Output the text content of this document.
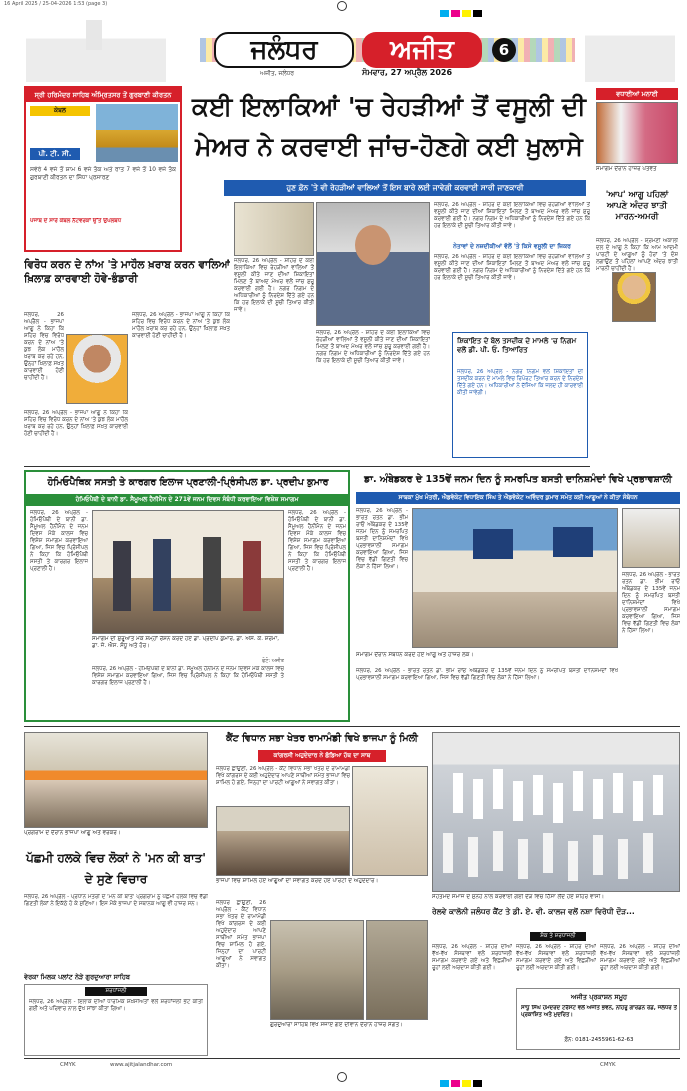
16 April 2025 / 25-04-2026 1:53 (page 3)
ਜਲੰਧਰ	ਅਜੀਤ	6
ਅਜੀਤ, ਜਲੰਧਰ	ਸੋਮਵਾਰ, 27 ਅਪ੍ਰੈਲ 2026
ਸ੍ਰੀ ਹਰਿਮੰਦਰ ਸਾਹਿਬ ਅੰਮ੍ਰਿਤਸਰ ਤੋਂ ਗੁਰਬਾਣੀ ਕੀਰਤਨ
ਕੇਬਲ
ਪੀ. ਟੀ. ਸੀ.
ਸਵੇਰੇ 4 ਵਜੇ ਤੋਂ ਸ਼ਾਮ 6 ਵਜੇ ਤੱਕ ਅਤੇ ਰਾਤ 7 ਵਜੇ ਤੋਂ 10 ਵਜੇ ਤੱਕ ਗੁਰਬਾਣੀ ਕੀਰਤਨ ਦਾ ਸਿੱਧਾ ਪ੍ਰਸਾਰਣ
ਪੰਜਾਬ ਦੇ ਸਾਰੇ ਕੇਬਲ ਨੈੱਟਵਰਕਾਂ ਉੱਤੇ ਉਪਲਬਧ
ਕਈ ਇਲਾਕਿਆਂ 'ਚ ਰੇਹੜੀਆਂ ਤੋਂ ਵਸੂਲੀ ਦੀ
ਮੇਅਰ ਨੇ ਕਰਵਾਈ ਜਾਂਚ-ਹੋਣਗੇ ਕਈ ਖ਼ੁਲਾਸੇ
ਹੁਣ ਫ਼ੋਨ 'ਤੇ ਵੀ ਰੇਹੜੀਆਂ ਵਾਲਿਆਂ ਤੋਂ ਇਸ ਬਾਰੇ ਲਈ ਜਾਵੇਗੀ ਕਰਵਾਈ ਸਾਰੀ ਜਾਣਕਾਰੀ
ਵਧਾਈਆਂ ਮਨਾਈ
ਸਮਾਗਮ ਦੌਰਾਨ ਹਾਜ਼ਰ ਪਤਵੰਤੇ
'ਆਪ' ਆਗੂ ਪਹਿਲਾਂ ਆਪਣੇ ਅੰਦਰ ਝਾਤੀ ਮਾਰਨ-ਅਮਰੀ
ਜਲੰਧਰ, 26 ਅਪ੍ਰੈਲ - ਸ਼੍ਰੋਮਣੀ ਅਕਾਲੀ ਦਲ ਦੇ ਆਗੂ ਨੇ ਕਿਹਾ ਕਿ ਆਮ ਆਦਮੀ ਪਾਰਟੀ ਦੇ ਆਗੂਆਂ ਨੂੰ ਹੋਰਾਂ 'ਤੇ ਦੋਸ਼ ਲਗਾਉਣ ਤੋਂ ਪਹਿਲਾਂ ਆਪਣੇ ਅੰਦਰ ਝਾਤੀ ਮਾਰਨੀ ਚਾਹੀਦੀ ਹੈ।
ਜਲੰਧਰ, 26 ਅਪ੍ਰੈਲ - ਸ਼ਹਿਰ ਦੇ ਕਈ ਇਲਾਕਿਆਂ ਵਿਚ ਰੇਹੜੀਆਂ ਵਾਲਿਆਂ ਤੋਂ ਵਸੂਲੀ ਕੀਤੇ ਜਾਣ ਦੀਆਂ ਸ਼ਿਕਾਇਤਾਂ ਮਿਲਣ ਤੋਂ ਬਾਅਦ ਮੇਅਰ ਵਲੋਂ ਜਾਂਚ ਸ਼ੁਰੂ ਕਰਵਾਈ ਗਈ ਹੈ। ਨਗਰ ਨਿਗਮ ਦੇ ਅਧਿਕਾਰੀਆਂ ਨੂੰ ਨਿਰਦੇਸ਼ ਦਿੱਤੇ ਗਏ ਹਨ ਕਿ ਹਰ ਇਲਾਕੇ ਦੀ ਸੂਚੀ ਤਿਆਰ ਕੀਤੀ ਜਾਵੇ।
ਜਲੰਧਰ, 26 ਅਪ੍ਰੈਲ - ਸ਼ਹਿਰ ਦੇ ਕਈ ਇਲਾਕਿਆਂ ਵਿਚ ਰੇਹੜੀਆਂ ਵਾਲਿਆਂ ਤੋਂ ਵਸੂਲੀ ਕੀਤੇ ਜਾਣ ਦੀਆਂ ਸ਼ਿਕਾਇਤਾਂ ਮਿਲਣ ਤੋਂ ਬਾਅਦ ਮੇਅਰ ਵਲੋਂ ਜਾਂਚ ਸ਼ੁਰੂ ਕਰਵਾਈ ਗਈ ਹੈ। ਨਗਰ ਨਿਗਮ ਦੇ ਅਧਿਕਾਰੀਆਂ ਨੂੰ ਨਿਰਦੇਸ਼ ਦਿੱਤੇ ਗਏ ਹਨ ਕਿ ਹਰ ਇਲਾਕੇ ਦੀ ਸੂਚੀ ਤਿਆਰ ਕੀਤੀ ਜਾਵੇ।
ਜਲੰਧਰ, 26 ਅਪ੍ਰੈਲ - ਸ਼ਹਿਰ ਦੇ ਕਈ ਇਲਾਕਿਆਂ ਵਿਚ ਰੇਹੜੀਆਂ ਵਾਲਿਆਂ ਤੋਂ ਵਸੂਲੀ ਕੀਤੇ ਜਾਣ ਦੀਆਂ ਸ਼ਿਕਾਇਤਾਂ ਮਿਲਣ ਤੋਂ ਬਾਅਦ ਮੇਅਰ ਵਲੋਂ ਜਾਂਚ ਸ਼ੁਰੂ ਕਰਵਾਈ ਗਈ ਹੈ। ਨਗਰ ਨਿਗਮ ਦੇ ਅਧਿਕਾਰੀਆਂ ਨੂੰ ਨਿਰਦੇਸ਼ ਦਿੱਤੇ ਗਏ ਹਨ ਕਿ ਹਰ ਇਲਾਕੇ ਦੀ ਸੂਚੀ ਤਿਆਰ ਕੀਤੀ ਜਾਵੇ।
ਨੇਤਾਵਾਂ ਦੇ ਨਜ਼ਦੀਕੀਆਂ ਵੱਲੋਂ 'ਤੇ ਕਿਸੇ ਵਸੂਲੀ ਦਾ ਜ਼ਿਕਰ
ਜਲੰਧਰ, 26 ਅਪ੍ਰੈਲ - ਸ਼ਹਿਰ ਦੇ ਕਈ ਇਲਾਕਿਆਂ ਵਿਚ ਰੇਹੜੀਆਂ ਵਾਲਿਆਂ ਤੋਂ ਵਸੂਲੀ ਕੀਤੇ ਜਾਣ ਦੀਆਂ ਸ਼ਿਕਾਇਤਾਂ ਮਿਲਣ ਤੋਂ ਬਾਅਦ ਮੇਅਰ ਵਲੋਂ ਜਾਂਚ ਸ਼ੁਰੂ ਕਰਵਾਈ ਗਈ ਹੈ। ਨਗਰ ਨਿਗਮ ਦੇ ਅਧਿਕਾਰੀਆਂ ਨੂੰ ਨਿਰਦੇਸ਼ ਦਿੱਤੇ ਗਏ ਹਨ ਕਿ ਹਰ ਇਲਾਕੇ ਦੀ ਸੂਚੀ ਤਿਆਰ ਕੀਤੀ ਜਾਵੇ।
ਸ਼ਿਕਾਇਤ ਦੇ ਬੋਲ ਤਸਦੀਕ ਦੇ ਮਾਮਲੇ 'ਚ ਨਿਗਮ ਵਲੋਂ ਡੀ. ਪੀ. ਓ. ਤਿਆਰਿਤ
ਜਲੰਧਰ, 26 ਅਪ੍ਰੈਲ - ਨਗਰ ਨਿਗਮ ਵਲੋਂ ਸ਼ਿਕਾਇਤਾਂ ਦੀ ਤਸਦੀਕ ਕਰਨ ਦੇ ਮਾਮਲੇ ਵਿਚ ਰਿਪੋਰਟ ਤਿਆਰ ਕਰਨ ਦੇ ਨਿਰਦੇਸ਼ ਦਿੱਤੇ ਗਏ ਹਨ। ਅਧਿਕਾਰੀਆਂ ਨੇ ਦੱਸਿਆ ਕਿ ਜਲਦ ਹੀ ਕਾਰਵਾਈ ਕੀਤੀ ਜਾਵੇਗੀ।
ਵਿਰੋਧ ਕਰਨ ਦੇ ਨਾਂਅ 'ਤੇ ਮਾਹੌਲ ਖ਼ਰਾਬ ਕਰਨ ਵਾਲਿਆਂ ਖ਼ਿਲਾਫ਼ ਕਾਰਵਾਈ ਹੋਵੇ-ਭੰਡਾਰੀ
ਜਲੰਧਰ, 26 ਅਪ੍ਰੈਲ - ਭਾਜਪਾ ਆਗੂ ਨੇ ਕਿਹਾ ਕਿ ਸ਼ਹਿਰ ਵਿਚ ਵਿਰੋਧ ਕਰਨ ਦੇ ਨਾਂਅ 'ਤੇ ਕੁਝ ਲੋਕ ਮਾਹੌਲ ਖ਼ਰਾਬ ਕਰ ਰਹੇ ਹਨ, ਉਨ੍ਹਾਂ ਖ਼ਿਲਾਫ਼ ਸਖ਼ਤ ਕਾਰਵਾਈ ਹੋਣੀ ਚਾਹੀਦੀ ਹੈ।
ਜਲੰਧਰ, 26 ਅਪ੍ਰੈਲ - ਭਾਜਪਾ ਆਗੂ ਨੇ ਕਿਹਾ ਕਿ ਸ਼ਹਿਰ ਵਿਚ ਵਿਰੋਧ ਕਰਨ ਦੇ ਨਾਂਅ 'ਤੇ ਕੁਝ ਲੋਕ ਮਾਹੌਲ ਖ਼ਰਾਬ ਕਰ ਰਹੇ ਹਨ, ਉਨ੍ਹਾਂ ਖ਼ਿਲਾਫ਼ ਸਖ਼ਤ ਕਾਰਵਾਈ ਹੋਣੀ ਚਾਹੀਦੀ ਹੈ।
ਜਲੰਧਰ, 26 ਅਪ੍ਰੈਲ - ਭਾਜਪਾ ਆਗੂ ਨੇ ਕਿਹਾ ਕਿ ਸ਼ਹਿਰ ਵਿਚ ਵਿਰੋਧ ਕਰਨ ਦੇ ਨਾਂਅ 'ਤੇ ਕੁਝ ਲੋਕ ਮਾਹੌਲ ਖ਼ਰਾਬ ਕਰ ਰਹੇ ਹਨ, ਉਨ੍ਹਾਂ ਖ਼ਿਲਾਫ਼ ਸਖ਼ਤ ਕਾਰਵਾਈ ਹੋਣੀ ਚਾਹੀਦੀ ਹੈ।
ਹੋਮਿਓਪੈਥਿਕ ਸਸਤੀ ਤੇ ਕਾਰਗਰ ਇਲਾਜ ਪ੍ਰਣਾਲੀ-ਪ੍ਰਿੰਸੀਪਲ ਡਾ. ਪ੍ਰਦੀਪ ਕੁਮਾਰ
ਹੋਮਿਓਪੈਥੀ ਦੇ ਬਾਨੀ ਡਾ. ਸੈਮੂਅਲ ਹੈਨੀਮੈਨ ਦੇ 271ਵੇਂ ਜਨਮ ਦਿਵਸ ਸੰਬੰਧੀ ਕਰਵਾਇਆ ਵਿਸ਼ੇਸ਼ ਸਮਾਗਮ
ਜਲੰਧਰ, 26 ਅਪ੍ਰੈਲ - ਹੋਮਿਓਪੈਥੀ ਦੇ ਬਾਨੀ ਡਾ. ਸੈਮੂਅਲ ਹੈਨੀਮੈਨ ਦੇ ਜਨਮ ਦਿਵਸ ਮੌਕੇ ਕਾਲਜ ਵਿਚ ਵਿਸ਼ੇਸ਼ ਸਮਾਗਮ ਕਰਵਾਇਆ ਗਿਆ, ਜਿਸ ਵਿਚ ਪ੍ਰਿੰਸੀਪਲ ਨੇ ਕਿਹਾ ਕਿ ਹੋਮਿਓਪੈਥੀ ਸਸਤੀ ਤੇ ਕਾਰਗਰ ਇਲਾਜ ਪ੍ਰਣਾਲੀ ਹੈ।
ਸਮਾਗਮ ਦੀ ਸ਼ੁਰੂਆਤ ਮੌਕੇ ਸ਼ਮ੍ਹਾਂ ਰੌਸ਼ਨ ਕਰਦੇ ਹੋਏ ਡਾ. ਪ੍ਰਦੀਪ ਕੁਮਾਰ, ਡਾ. ਐਸ. ਕੇ. ਸ਼ਰਮਾ, ਡਾ. ਜੇ. ਐਸ. ਸੰਧੂ ਅਤੇ ਹੋਰ।
ਫੋਟੋ: ਅਜੀਤ
ਜਲੰਧਰ, 26 ਅਪ੍ਰੈਲ - ਹੋਮਿਓਪੈਥੀ ਦੇ ਬਾਨੀ ਡਾ. ਸੈਮੂਅਲ ਹੈਨੀਮੈਨ ਦੇ ਜਨਮ ਦਿਵਸ ਮੌਕੇ ਕਾਲਜ ਵਿਚ ਵਿਸ਼ੇਸ਼ ਸਮਾਗਮ ਕਰਵਾਇਆ ਗਿਆ, ਜਿਸ ਵਿਚ ਪ੍ਰਿੰਸੀਪਲ ਨੇ ਕਿਹਾ ਕਿ ਹੋਮਿਓਪੈਥੀ ਸਸਤੀ ਤੇ ਕਾਰਗਰ ਇਲਾਜ ਪ੍ਰਣਾਲੀ ਹੈ।
ਜਲੰਧਰ, 26 ਅਪ੍ਰੈਲ - ਹੋਮਿਓਪੈਥੀ ਦੇ ਬਾਨੀ ਡਾ. ਸੈਮੂਅਲ ਹੈਨੀਮੈਨ ਦੇ ਜਨਮ ਦਿਵਸ ਮੌਕੇ ਕਾਲਜ ਵਿਚ ਵਿਸ਼ੇਸ਼ ਸਮਾਗਮ ਕਰਵਾਇਆ ਗਿਆ, ਜਿਸ ਵਿਚ ਪ੍ਰਿੰਸੀਪਲ ਨੇ ਕਿਹਾ ਕਿ ਹੋਮਿਓਪੈਥੀ ਸਸਤੀ ਤੇ ਕਾਰਗਰ ਇਲਾਜ ਪ੍ਰਣਾਲੀ ਹੈ।
ਡਾ. ਅੰਬੇਡਕਰ ਦੇ 135ਵੇਂ ਜਨਮ ਦਿਨ ਨੂੰ ਸਮਰਪਿਤ ਬਸਤੀ ਦਾਨਿਸ਼ਮੰਦਾਂ ਵਿਖੇ ਪ੍ਰਭਾਵਸ਼ਾਲੀ
ਸਾਬਕਾ ਮੁੱਖ ਮੰਤਰੀ, ਐਡਵੋਕੇਟ ਵਿਧਾਇਕ ਸਿੰਘ ਤੇ ਐਡਵੋਕੇਟ ਅਵਿੰਦਰ ਕੁਮਾਰ ਸਮੇਤ ਕਈ ਆਗੂਆਂ ਨੇ ਕੀਤਾ ਸੰਬੋਧਨ
ਜਲੰਧਰ, 26 ਅਪ੍ਰੈਲ - ਭਾਰਤ ਰਤਨ ਡਾ. ਭੀਮ ਰਾਓ ਅੰਬੇਡਕਰ ਦੇ 135ਵੇਂ ਜਨਮ ਦਿਨ ਨੂੰ ਸਮਰਪਿਤ ਬਸਤੀ ਦਾਨਿਸ਼ਮੰਦਾਂ ਵਿਖੇ ਪ੍ਰਭਾਵਸ਼ਾਲੀ ਸਮਾਗਮ ਕਰਵਾਇਆ ਗਿਆ, ਜਿਸ ਵਿਚ ਵੱਡੀ ਗਿਣਤੀ ਵਿਚ ਲੋਕਾਂ ਨੇ ਹਿੱਸਾ ਲਿਆ।
ਜਲੰਧਰ, 26 ਅਪ੍ਰੈਲ - ਭਾਰਤ ਰਤਨ ਡਾ. ਭੀਮ ਰਾਓ ਅੰਬੇਡਕਰ ਦੇ 135ਵੇਂ ਜਨਮ ਦਿਨ ਨੂੰ ਸਮਰਪਿਤ ਬਸਤੀ ਦਾਨਿਸ਼ਮੰਦਾਂ ਵਿਖੇ ਪ੍ਰਭਾਵਸ਼ਾਲੀ ਸਮਾਗਮ ਕਰਵਾਇਆ ਗਿਆ, ਜਿਸ ਵਿਚ ਵੱਡੀ ਗਿਣਤੀ ਵਿਚ ਲੋਕਾਂ ਨੇ ਹਿੱਸਾ ਲਿਆ।
ਸਮਾਗਮ ਦੌਰਾਨ ਸੰਬੋਧਨ ਕਰਦੇ ਹੋਏ ਆਗੂ ਅਤੇ ਹਾਜ਼ਰ ਲੋਕ।
ਜਲੰਧਰ, 26 ਅਪ੍ਰੈਲ - ਭਾਰਤ ਰਤਨ ਡਾ. ਭੀਮ ਰਾਓ ਅੰਬੇਡਕਰ ਦੇ 135ਵੇਂ ਜਨਮ ਦਿਨ ਨੂੰ ਸਮਰਪਿਤ ਬਸਤੀ ਦਾਨਿਸ਼ਮੰਦਾਂ ਵਿਖੇ ਪ੍ਰਭਾਵਸ਼ਾਲੀ ਸਮਾਗਮ ਕਰਵਾਇਆ ਗਿਆ, ਜਿਸ ਵਿਚ ਵੱਡੀ ਗਿਣਤੀ ਵਿਚ ਲੋਕਾਂ ਨੇ ਹਿੱਸਾ ਲਿਆ।
ਪ੍ਰੋਗਰਾਮ ਦੇ ਦੌਰਾਨ ਭਾਜਪਾ ਆਗੂ ਅਤੇ ਵਰਕਰ।
ਪੱਛਮੀ ਹਲਕੇ ਵਿਚ ਲੋਕਾਂ ਨੇ 'ਮਨ ਕੀ ਬਾਤ' ਦੇ ਸੁਣੇ ਵਿਚਾਰ
ਜਲੰਧਰ, 26 ਅਪ੍ਰੈਲ - ਪ੍ਰਧਾਨ ਮੰਤਰੀ ਦੇ 'ਮਨ ਕੀ ਬਾਤ' ਪ੍ਰੋਗਰਾਮ ਨੂੰ ਪੱਛਮੀ ਹਲਕੇ ਵਿਚ ਵੱਡੀ ਗਿਣਤੀ ਲੋਕਾਂ ਨੇ ਇਕੱਠੇ ਹੋ ਕੇ ਸੁਣਿਆ। ਇਸ ਮੌਕੇ ਭਾਜਪਾ ਦੇ ਸਥਾਨਕ ਆਗੂ ਵੀ ਹਾਜ਼ਰ ਸਨ।
ਵੇਰਕਾ ਮਿਲਕ ਪਲਾਂਟ ਨੇੜੇ ਗੁਰਦੁਆਰਾ ਸਾਹਿਬ
ਸ਼ਰਧਾਂਜਲੀ
ਜਲੰਧਰ, 26 ਅਪ੍ਰੈਲ - ਇਲਾਕੇ ਦੀਆਂ ਧਾਰਮਿਕ ਸ਼ਖ਼ਸੀਅਤਾਂ ਵਲੋਂ ਸ਼ਰਧਾਂਜਲੀ ਭੇਟ ਕੀਤੀ ਗਈ ਅਤੇ ਪਰਿਵਾਰ ਨਾਲ ਦੁੱਖ ਸਾਂਝਾ ਕੀਤਾ ਗਿਆ।
ਕੈਂਟ ਵਿਧਾਨ ਸਭਾ ਖੇਤਰ ਰਾਮਾਮੰਡੀ ਵਿਖੇ ਭਾਜਪਾ ਨੂੰ ਮਿਲੀ
ਕਾਂਗਰਸੀ ਅਹੁਦੇਦਾਰ ਨੇ ਛੱਡਿਆ ਹੱਥ ਦਾ ਸਾਥ
ਜਲੰਧਰ ਛਾਉਣੀ, 26 ਅਪ੍ਰੈਲ - ਕੈਂਟ ਵਿਧਾਨ ਸਭਾ ਖੇਤਰ ਦੇ ਰਾਮਾਮੰਡੀ ਵਿਖੇ ਕਾਂਗਰਸ ਦੇ ਕਈ ਅਹੁਦੇਦਾਰ ਆਪਣੇ ਸਾਥੀਆਂ ਸਮੇਤ ਭਾਜਪਾ ਵਿਚ ਸ਼ਾਮਿਲ ਹੋ ਗਏ, ਜਿਨ੍ਹਾਂ ਦਾ ਪਾਰਟੀ ਆਗੂਆਂ ਨੇ ਸਵਾਗਤ ਕੀਤਾ।
ਭਾਜਪਾ ਵਿਚ ਸ਼ਾਮਿਲ ਹੋਏ ਆਗੂਆਂ ਦਾ ਸਵਾਗਤ ਕਰਦੇ ਹੋਏ ਪਾਰਟੀ ਦੇ ਅਹੁਦੇਦਾਰ।
ਜਲੰਧਰ ਛਾਉਣੀ, 26 ਅਪ੍ਰੈਲ - ਕੈਂਟ ਵਿਧਾਨ ਸਭਾ ਖੇਤਰ ਦੇ ਰਾਮਾਮੰਡੀ ਵਿਖੇ ਕਾਂਗਰਸ ਦੇ ਕਈ ਅਹੁਦੇਦਾਰ ਆਪਣੇ ਸਾਥੀਆਂ ਸਮੇਤ ਭਾਜਪਾ ਵਿਚ ਸ਼ਾਮਿਲ ਹੋ ਗਏ, ਜਿਨ੍ਹਾਂ ਦਾ ਪਾਰਟੀ ਆਗੂਆਂ ਨੇ ਸਵਾਗਤ ਕੀਤਾ।
ਗੁਰਦੁਆਰਾ ਸਾਹਿਬ ਵਿਖੇ ਸਜਾਏ ਗਏ ਦੀਵਾਨ ਦੌਰਾਨ ਹਾਜ਼ਰ ਸੰਗਤ।
ਸੇਹਤਮੰਦ ਸਮਾਜ ਦੇ ਸੁਨੇਹੇ ਨਾਲ ਕਰਵਾਈ ਗਈ ਦੌੜ ਵਿਚ ਹਿੱਸਾ ਲੈਂਦੇ ਹੋਏ ਸ਼ਹਿਰ ਵਾਸੀ।
ਰੇਲਵੇ ਕਾਲੋਨੀ ਜਲੰਧਰ ਕੈਂਟ ਤੇ ਡੀ. ਏ. ਵੀ. ਕਾਲਜ ਵਲੋਂ ਨਸ਼ਾ ਵਿਰੋਧੀ ਦੌੜ...
ਸ਼ੋਕ ਤੇ ਸ਼ਰਧਾਂਜਲੀ
ਜਲੰਧਰ, 26 ਅਪ੍ਰੈਲ - ਸ਼ਹਿਰ ਦੀਆਂ ਵੱਖ-ਵੱਖ ਸੰਸਥਾਵਾਂ ਵਲੋਂ ਸ਼ਰਧਾਂਜਲੀ ਸਮਾਗਮ ਕਰਵਾਏ ਗਏ ਅਤੇ ਵਿਛੜੀਆਂ ਰੂਹਾਂ ਲਈ ਅਰਦਾਸ ਕੀਤੀ ਗਈ।
ਜਲੰਧਰ, 26 ਅਪ੍ਰੈਲ - ਸ਼ਹਿਰ ਦੀਆਂ ਵੱਖ-ਵੱਖ ਸੰਸਥਾਵਾਂ ਵਲੋਂ ਸ਼ਰਧਾਂਜਲੀ ਸਮਾਗਮ ਕਰਵਾਏ ਗਏ ਅਤੇ ਵਿਛੜੀਆਂ ਰੂਹਾਂ ਲਈ ਅਰਦਾਸ ਕੀਤੀ ਗਈ।
ਜਲੰਧਰ, 26 ਅਪ੍ਰੈਲ - ਸ਼ਹਿਰ ਦੀਆਂ ਵੱਖ-ਵੱਖ ਸੰਸਥਾਵਾਂ ਵਲੋਂ ਸ਼ਰਧਾਂਜਲੀ ਸਮਾਗਮ ਕਰਵਾਏ ਗਏ ਅਤੇ ਵਿਛੜੀਆਂ ਰੂਹਾਂ ਲਈ ਅਰਦਾਸ ਕੀਤੀ ਗਈ।
ਅਜੀਤ ਪ੍ਰਕਾਸ਼ਨ ਸਮੂਹ
ਸਾਧੂ ਸਿੰਘ ਹਮਦਰਦ ਟਰੱਸਟ ਵਲੋਂ ਅਜੀਤ ਭਵਨ, ਨਹਿਰੂ ਗਾਰਡਨ ਰੋਡ, ਜਲੰਧਰ ਤੋਂ ਪ੍ਰਕਾਸ਼ਿਤ ਅਤੇ ਮੁਦਰਿਤ।
ਫ਼ੋਨ: 0181-2455961-62-63
CMYK	www.ajitjalandhar.com	CMYK
